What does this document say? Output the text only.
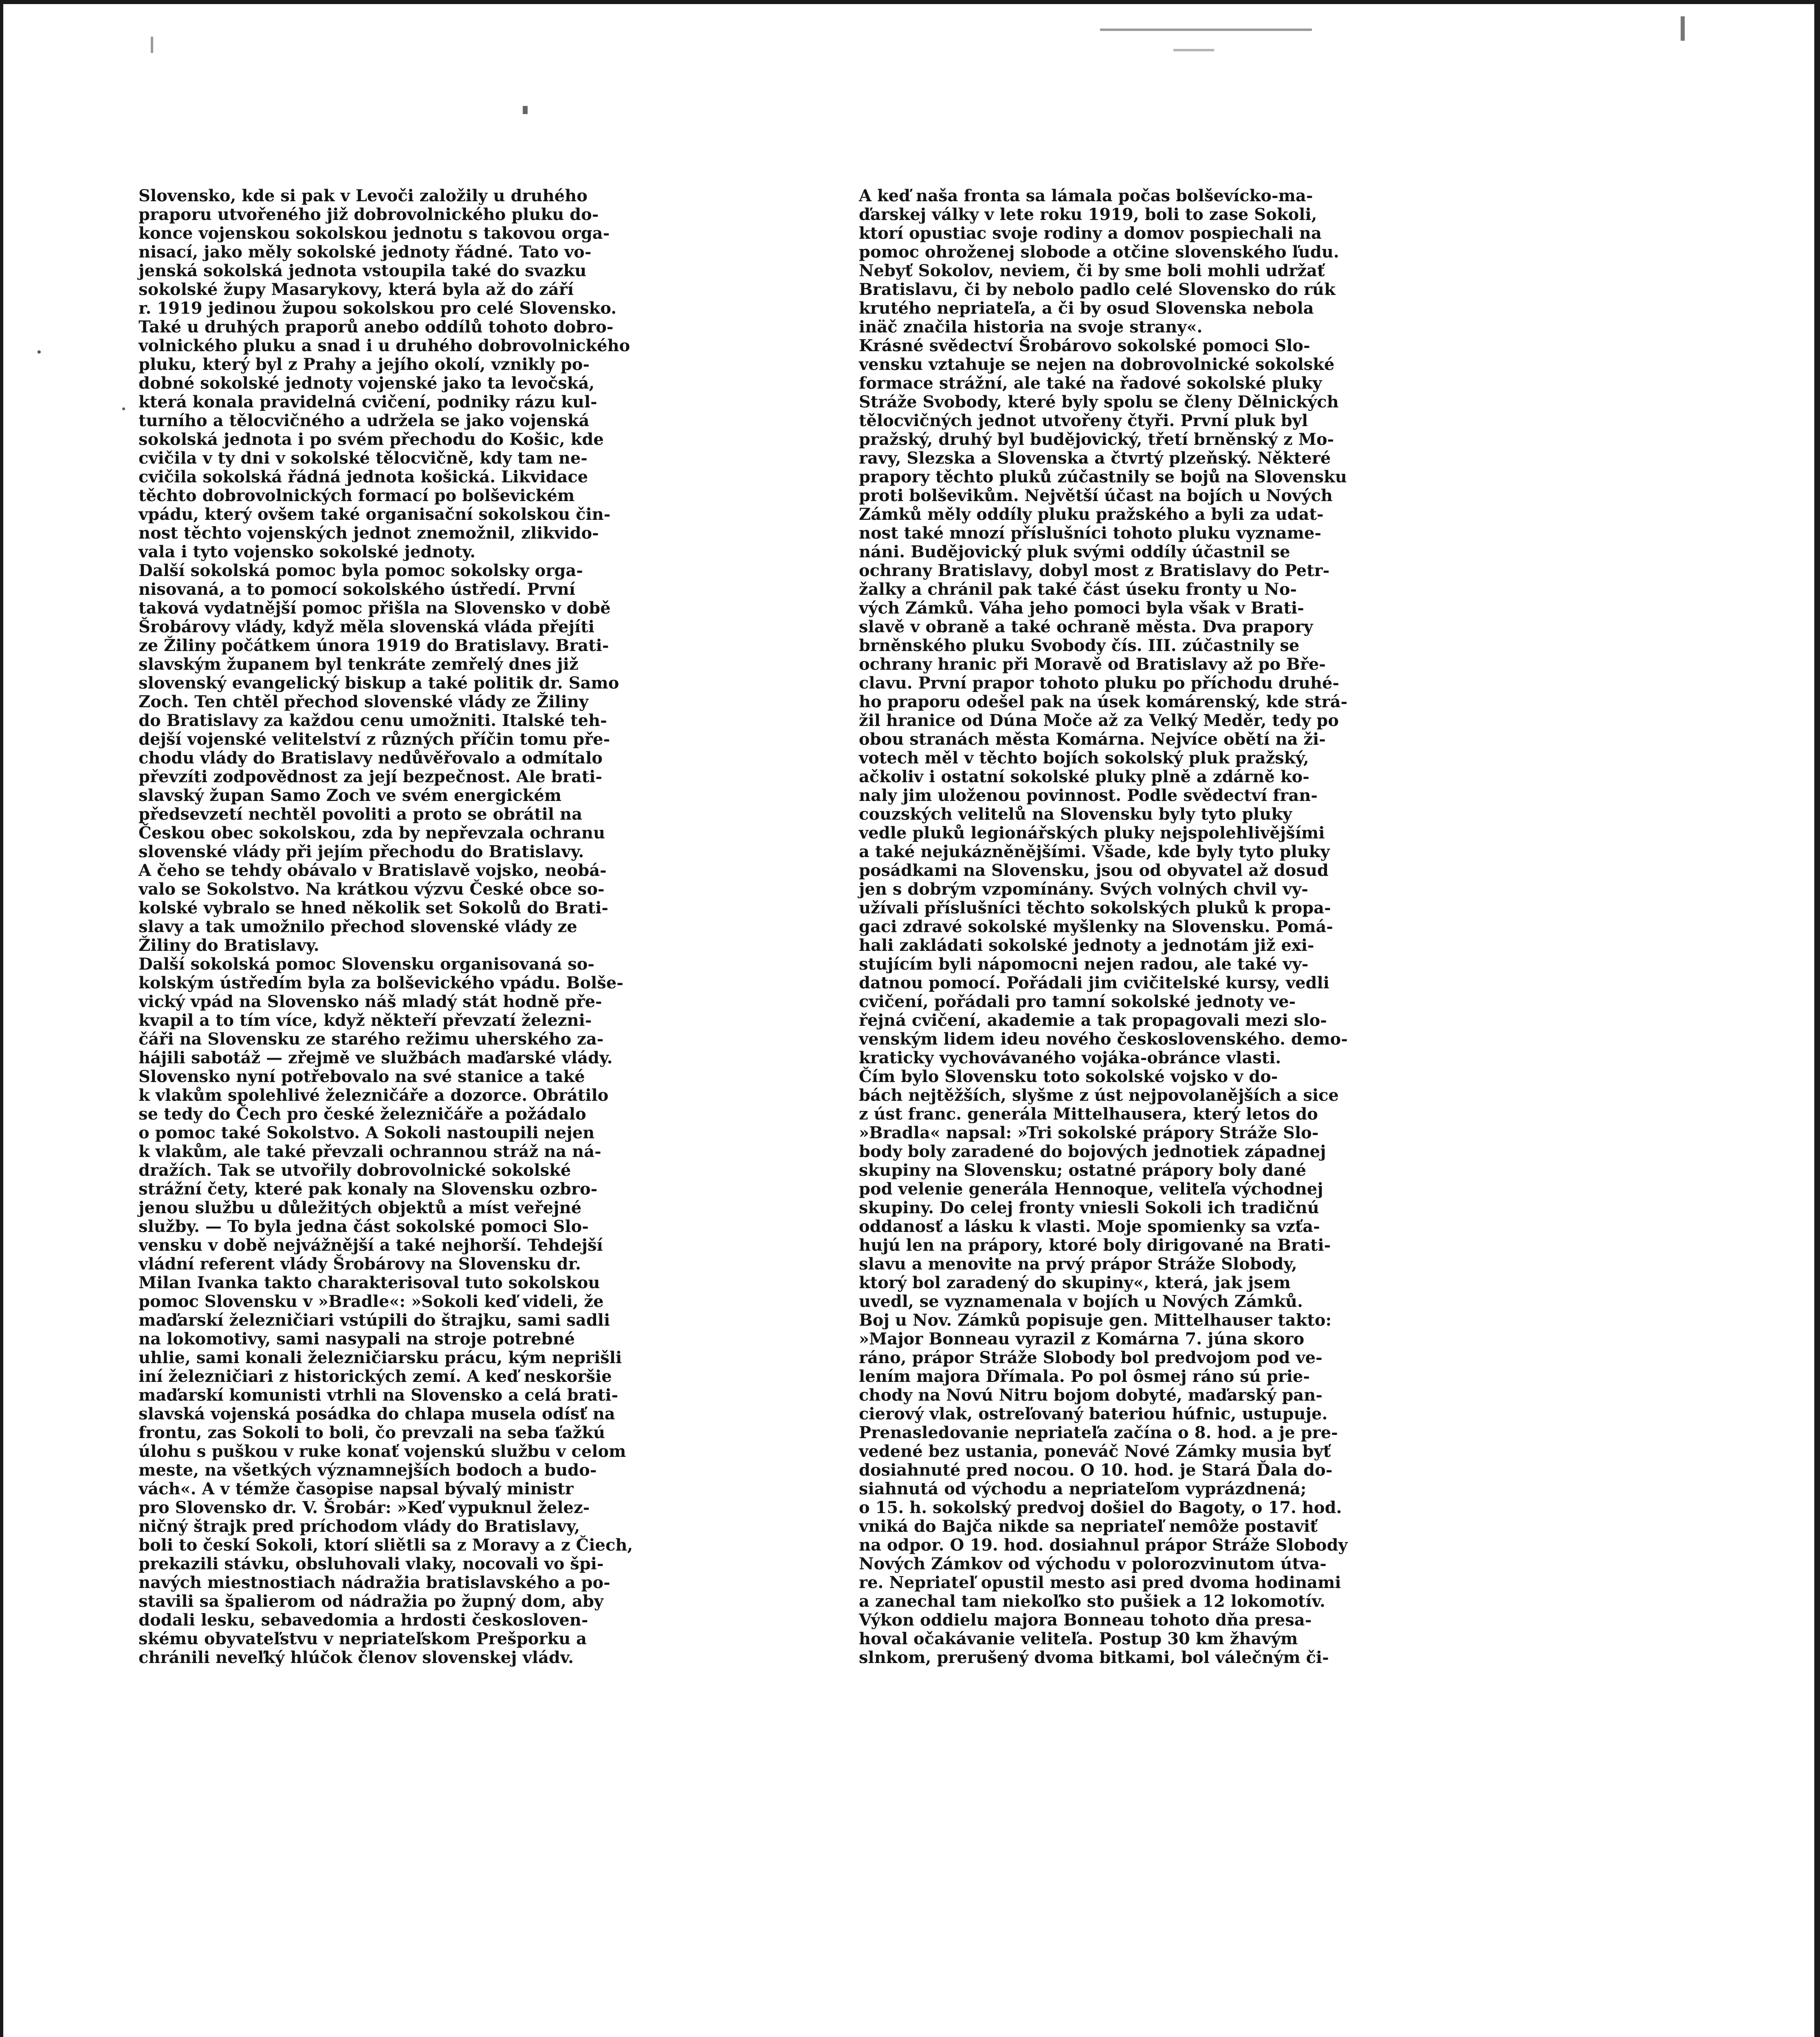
Slovensko, kde si pak v Levoči založily u druhého
praporu utvořeného již dobrovolnického pluku do-
konce vojenskou sokolskou jednotu s takovou orga-
nisací, jako měly sokolské jednoty řádné. Tato vo-
jenská sokolská jednota vstoupila také do svazku
sokolské župy Masarykovy, která byla až do září
r. 1919 jedinou župou sokolskou pro celé Slovensko.
Také u druhých praporů anebo oddílů tohoto dobro-
volnického pluku a snad i u druhého dobrovolnického
pluku, který byl z Prahy a jejího okolí, vznikly po-
dobné sokolské jednoty vojenské jako ta levočská,
která konala pravidelná cvičení, podniky rázu kul-
turního a tělocvičného a udržela se jako vojenská
sokolská jednota i po svém přechodu do Košic, kde
cvičila v ty dni v sokolské tělocvičně, kdy tam ne-
cvičila sokolská řádná jednota košická. Likvidace
těchto dobrovolnických formací po bolševickém
vpádu, který ovšem také organisační sokolskou čin-
nost těchto vojenských jednot znemožnil, zlikvido-
vala i tyto vojensko sokolské jednoty.

Další sokolská pomoc byla pomoc sokolsky orga-
nisovaná, a to pomocí sokolského ústředí. První
taková vydatnější pomoc přišla na Slovensko v době
Šrobárovy vlády, když měla slovenská vláda přejíti
ze Žiliny počátkem února 1919 do Bratislavy. Brati-
slavským županem byl tenkráte zemřelý dnes již
slovenský evangelický biskup a také politik dr. Samo
Zoch. Ten chtěl přechod slovenské vlády ze Žiliny
do Bratislavy za každou cenu umožniti. Italské teh-
dejší vojenské velitelství z různých příčin tomu pře-
chodu vlády do Bratislavy nedůvěřovalo a odmítalo
převzíti zodpovědnost za její bezpečnost. Ale brati-
slavský župan Samo Zoch ve svém energickém
předsevzetí nechtěl povoliti a proto se obrátil na
Českou obec sokolskou, zda by nepřevzala ochranu
slovenské vlády při jejím přechodu do Bratislavy.
A čeho se tehdy obávalo v Bratislavě vojsko, neobá-
valo se Sokolstvo. Na krátkou výzvu České obce so-
kolské vybralo se hned několik set Sokolů do Brati-
slavy a tak umožnilo přechod slovenské vlády ze
Žiliny do Bratislavy.

Další sokolská pomoc Slovensku organisovaná so-
kolským ústředím byla za bolševického vpádu. Bolše-
vický vpád na Slovensko náš mladý stát hodně pře-
kvapil a to tím více, když někteří převzatí železni-
čáři na Slovensku ze starého režimu uherského za-
hájili sabotáž — zřejmě ve službách maďarské vlády.
Slovensko nyní potřebovalo na své stanice a také
k vlakům spolehlivé železničáře a dozorce. Obrátilo
se tedy do Čech pro české železničáře a požádalo
o pomoc také Sokolstvo. A Sokoli nastoupili nejen
k vlakům, ale také převzali ochrannou stráž na ná-
dražích. Tak se utvořily dobrovolnické sokolské
strážní čety, které pak konaly na Slovensku ozbro-
jenou službu u důležitých objektů a míst veřejné
služby. — To byla jedna část sokolské pomoci Slo-
vensku v době nejvážnější a také nejhorší. Tehdejší
vládní referent vlády Šrobárovy na Slovensku dr.
Milan Ivanka takto charakterisoval tuto sokolskou
pomoc Slovensku v »Bradle«: »Sokoli keď videli, že
maďarskí železničiari vstúpili do štrajku, sami sadli
na lokomotivy, sami nasypali na stroje potrebné
uhlie, sami konali železničiarsku prácu, kým neprišli
iní železničiari z historických zemí. A keď neskoršie
maďarskí komunisti vtrhli na Slovensko a celá brati-
slavská vojenská posádka do chlapa musela odísť na
frontu, zas Sokoli to boli, čo prevzali na seba ťažkú
úlohu s puškou v ruke konať vojenskú službu v celom
meste, na všetkých významnejších bodoch a budo-
vách«. A v témže časopise napsal bývalý ministr
pro Slovensko dr. V. Šrobár: »Keď vypuknul želez-
ničný štrajk pred príchodom vlády do Bratislavy,
boli to českí Sokoli, ktorí sliětli sa z Moravy a z Čiech,
prekazili stávku, obsluhovali vlaky, nocovali vo špi-
navých miestnostiach nádražia bratislavského a po-
stavili sa špalierom od nádražia po župný dom, aby
dodali lesku, sebavedomia a hrdosti českosloven-
skému obyvateľstvu v nepriateľskom Prešporku a
chránili neveľký hlúčok členov slovenskej vládv.

A keď naša fronta sa lámala počas bolševícko-ma-
ďarskej války v lete roku 1919, boli to zase Sokoli,
ktorí opustiac svoje rodiny a domov pospiechali na
pomoc ohroženej slobode a otčine slovenského ľudu.
Nebyť Sokolov, neviem, či by sme boli mohli udržať
Bratislavu, či by nebolo padlo celé Slovensko do rúk
krutého nepriateľa, a či by osud Slovenska nebola
inäč značila historia na svoje strany«.

Krásné svědectví Šrobárovo sokolské pomoci Slo-
vensku vztahuje se nejen na dobrovolnické sokolské
formace strážní, ale také na řadové sokolské pluky
Stráže Svobody, které byly spolu se členy Dělnických
tělocvičných jednot utvořeny čtyři. První pluk byl
pražský, druhý byl budějovický, třetí brněnský z Mo-
ravy, Slezska a Slovenska a čtvrtý plzeňský. Některé
prapory těchto pluků zúčastnily se bojů na Slovensku
proti bolševikům. Největší účast na bojích u Nových
Zámků měly oddíly pluku pražského a byli za udat-
nost také mnozí příslušníci tohoto pluku vyzname-
náni. Budějovický pluk svými oddíly účastnil se
ochrany Bratislavy, dobyl most z Bratislavy do Petr-
žalky a chránil pak také část úseku fronty u No-
vých Zámků. Váha jeho pomoci byla však v Brati-
slavě v obraně a také ochraně města. Dva prapory
brněnského pluku Svobody čís. III. zúčastnily se
ochrany hranic při Moravě od Bratislavy až po Bře-
clavu. První prapor tohoto pluku po příchodu druhé-
ho praporu odešel pak na úsek komárenský, kde strá-
žil hranice od Dúna Moče až za Velký Meděr, tedy po
obou stranách města Komárna. Nejvíce obětí na ži-
votech měl v těchto bojích sokolský pluk pražský,
ačkoliv i ostatní sokolské pluky plně a zdárně ko-
naly jim uloženou povinnost. Podle svědectví fran-
couzských velitelů na Slovensku byly tyto pluky
vedle pluků legionářských pluky nejspolehlivějšími
a také nejukázněnějšími. Všade, kde byly tyto pluky
posádkami na Slovensku, jsou od obyvatel až dosud
jen s dobrým vzpomínány. Svých volných chvil vy-
užívali příslušníci těchto sokolských pluků k propa-
gaci zdravé sokolské myšlenky na Slovensku. Pomá-
hali zakládati sokolské jednoty a jednotám již exi-
stujícím byli nápomocni nejen radou, ale také vy-
datnou pomocí. Pořádali jim cvičitelské kursy, vedli
cvičení, pořádali pro tamní sokolské jednoty ve-
řejná cvičení, akademie a tak propagovali mezi slo-
venským lidem ideu nového československého. demo-
kraticky vychovávaného vojáka-obránce vlasti.

Čím bylo Slovensku toto sokolské vojsko v do-
bách nejtěžších, slyšme z úst nejpovolanějších a sice
z úst franc. generála Mittelhausera, který letos do
»Bradla« napsal: »Tri sokolské prápory Stráže Slo-
body boly zaradené do bojových jednotiek západnej
skupiny na Slovensku; ostatné prápory boly dané
pod velenie generála Hennoque, veliteľa východnej
skupiny. Do celej fronty vniesli Sokoli ich tradičnú
oddanosť a lásku k vlasti. Moje spomienky sa vzťa-
hujú len na prápory, ktoré boly dirigované na Brati-
slavu a menovite na prvý prápor Stráže Slobody,
ktorý bol zaradený do skupiny«, která, jak jsem
uvedl, se vyznamenala v bojích u Nových Zámků.
Boj u Nov. Zámků popisuje gen. Mittelhauser takto:
»Major Bonneau vyrazil z Komárna 7. júna skoro
ráno, prápor Stráže Slobody bol predvojom pod ve-
lením majora Dřímala. Po pol ôsmej ráno sú prie-
chody na Novú Nitru bojom dobyté, maďarský pan-
cierový vlak, ostreľovaný bateriou húfnic, ustupuje.
Prenasledovanie nepriateľa začína o 8. hod. a je pre-
vedené bez ustania, poneváč Nové Zámky musia byť
dosiahnuté pred nocou. O 10. hod. je Stará Ďala do-
siahnutá od východu a nepriateľom vyprázdnená;
o 15. h. sokolský predvoj došiel do Bagoty, o 17. hod.
vniká do Bajča nikde sa nepriateľ nemôže postaviť
na odpor. O 19. hod. dosiahnul prápor Stráže Slobody
Nových Zámkov od východu v polorozvinutom útva-
re. Nepriateľ opustil mesto asi pred dvoma hodinami
a zanechal tam niekoľko sto pušiek a 12 lokomotív.
Výkon oddielu majora Bonneau tohoto dňa presa-
hoval očakávanie veliteľa. Postup 30 km žhavým
slnkom, prerušený dvoma bitkami, bol válečným či-
